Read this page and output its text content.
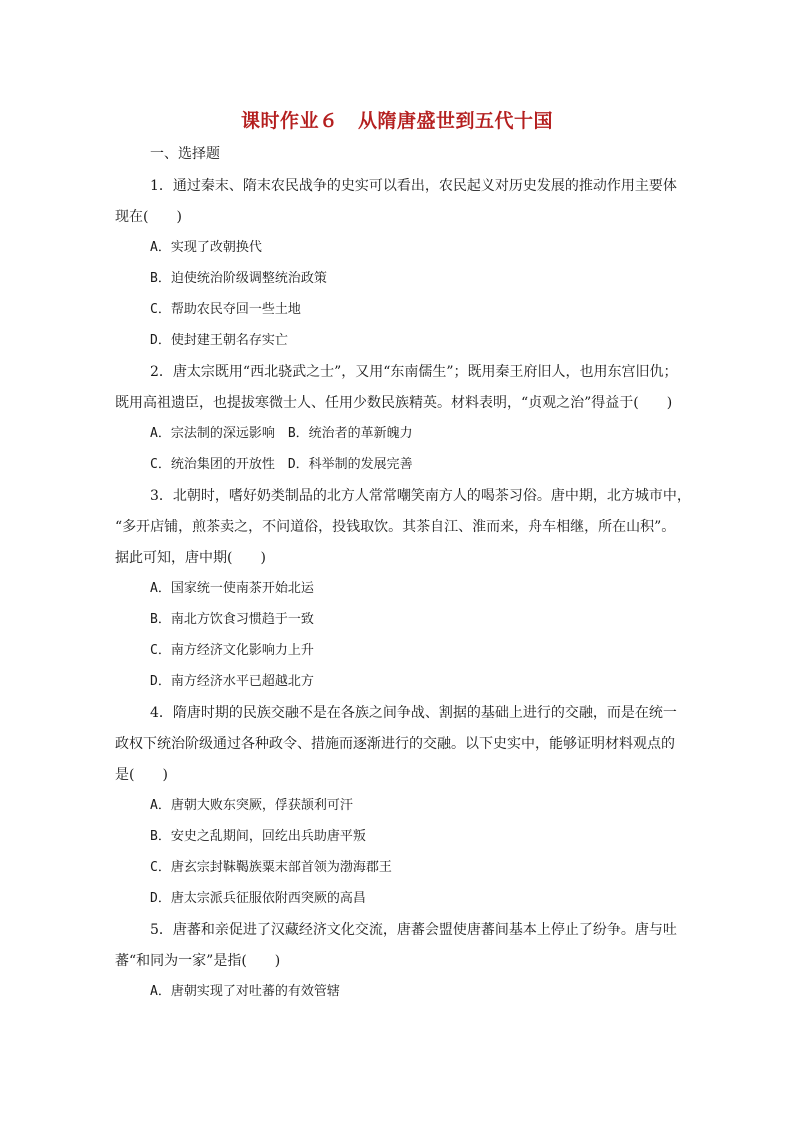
课时作业６　从隋唐盛世到五代十国
一、选择题
1．通过秦末、隋末农民战争的史实可以看出，农民起义对历史发展的推动作用主要体
现在(　　)
A．实现了改朝换代
B．迫使统治阶级调整统治政策
C．帮助农民夺回一些土地
D．使封建王朝名存实亡
2．唐太宗既用“西北骁武之士”，又用“东南儒生”；既用秦王府旧人，也用东宫旧仇；
既用高祖遗臣，也提拔寒微士人、任用少数民族精英。材料表明，“贞观之治”得益于(　　)
A．宗法制的深远影响　B．统治者的革新魄力
C．统治集团的开放性　D．科举制的发展完善
3．北朝时，嗜好奶类制品的北方人常常嘲笑南方人的喝茶习俗。唐中期，北方城市中，
“多开店铺，煎茶卖之，不问道俗，投钱取饮。其茶自江、淮而来，舟车相继，所在山积”。
据此可知，唐中期(　　)
A．国家统一使南茶开始北运
B．南北方饮食习惯趋于一致
C．南方经济文化影响力上升
D．南方经济水平已超越北方
4．隋唐时期的民族交融不是在各族之间争战、割据的基础上进行的交融，而是在统一
政权下统治阶级通过各种政令、措施而逐渐进行的交融。以下史实中，能够证明材料观点的
是(　　)
A．唐朝大败东突厥，俘获颉利可汗
B．安史之乱期间，回纥出兵助唐平叛
C．唐玄宗封靺鞨族粟末部首领为渤海郡王
D．唐太宗派兵征服依附西突厥的高昌
5．唐蕃和亲促进了汉藏经济文化交流，唐蕃会盟使唐蕃间基本上停止了纷争。唐与吐
蕃“和同为一家”是指(　　)
A．唐朝实现了对吐蕃的有效管辖
